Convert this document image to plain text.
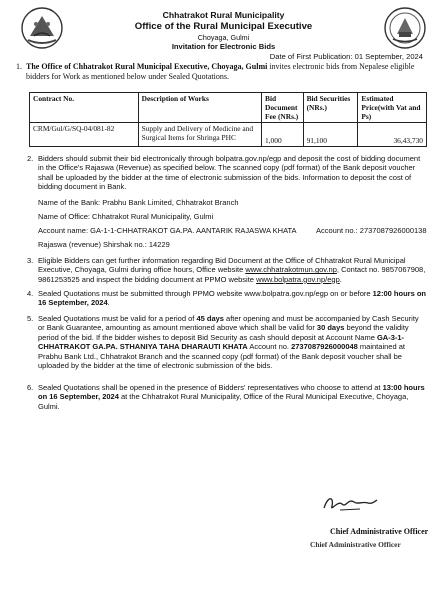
Chhatrakot Rural Municipality
Office of the Rural Municipal Executive
Choyaga, Gulmi
Invitation for Electronic Bids
Date of First Publication: 01 September, 2024
1. The Office of Chhatrakot Rural Municipal Executive, Choyaga, Gulmi invites electronic bids from Nepalese eligible bidders for Work as mentioned below under Sealed Quotations.
Contract No.	Description of Works	Bid Document Fee (NRs.)	Bid Securities (NRs.)	Estimated Price(with Vat and Ps)
CRM/Gul/G/SQ-04/081-82	Supply and Delivery of Medicine and Surgical Items for Shringa PHC	1,000	91,100	36,43,730
2. Bidders should submit their bid electronically through bolpatra.gov.np/egp and deposit the cost of bidding document in the Office's Rajaswa (Revenue) as specified below. The scanned copy (pdf format) of the Bank deposit voucher shall be uploaded by the bidder at the time of electronic submission of the bids. Information to deposit the cost of bidding document in Bank.
Name of the Bank: Prabhu Bank Limited, Chhatrakot Branch
Name of Office: Chhatrakot Rural Municipality, Gulmi
Account name: GA-1-1-CHHATRAKOT GA.PA. AANTARIK RAJASWA KHATA	Account no.: 2737087926000138
Rajaswa (revenue) Shirshak no.: 14229
3. Eligible Bidders can get further information regarding Bid Document at the Office of Chhatrakot Rural Municipal Executive, Choyaga, Gulmi during office hours, Office website www.chhatrakotmun.gov.np, Contact no. 9857067908, 9861253525 and inspect the bidding document at PPMO website www.bolpatra.gov.np/egp.
4. Sealed Quotations must be submitted through PPMO website www.bolpatra.gov.np/egp on or before 12:00 hours on 16 September, 2024.
5. Sealed Quotations must be valid for a period of 45 days after opening and must be accompanied by Cash Security or Bank Guarantee, amounting as amount mentioned above which shall be valid for 30 days beyond the validity period of the bid. If the bidder wishes to deposit Bid Security as cash should deposit at Account Name GA-3-1-CHHATRAKOT GA.PA. STHANIYA TAHA DHARAUTI KHATA Account no. 2737087926000048 maintained at Prabhu Bank Ltd., Chhatrakot Branch and the scanned copy (pdf format) of the Bank deposit voucher shall be uploaded by the bidder at the time of electronic submission of the bids.
6. Sealed Quotations shall be opened in the presence of Bidders' representatives who choose to attend at 13:00 hours on 16 September, 2024 at the Chhatrakot Rural Municipality, Office of the Rural Municipal Executive, Choyaga, Gulmi.
Chief Administrative Officer
Chief Administrative Officer
